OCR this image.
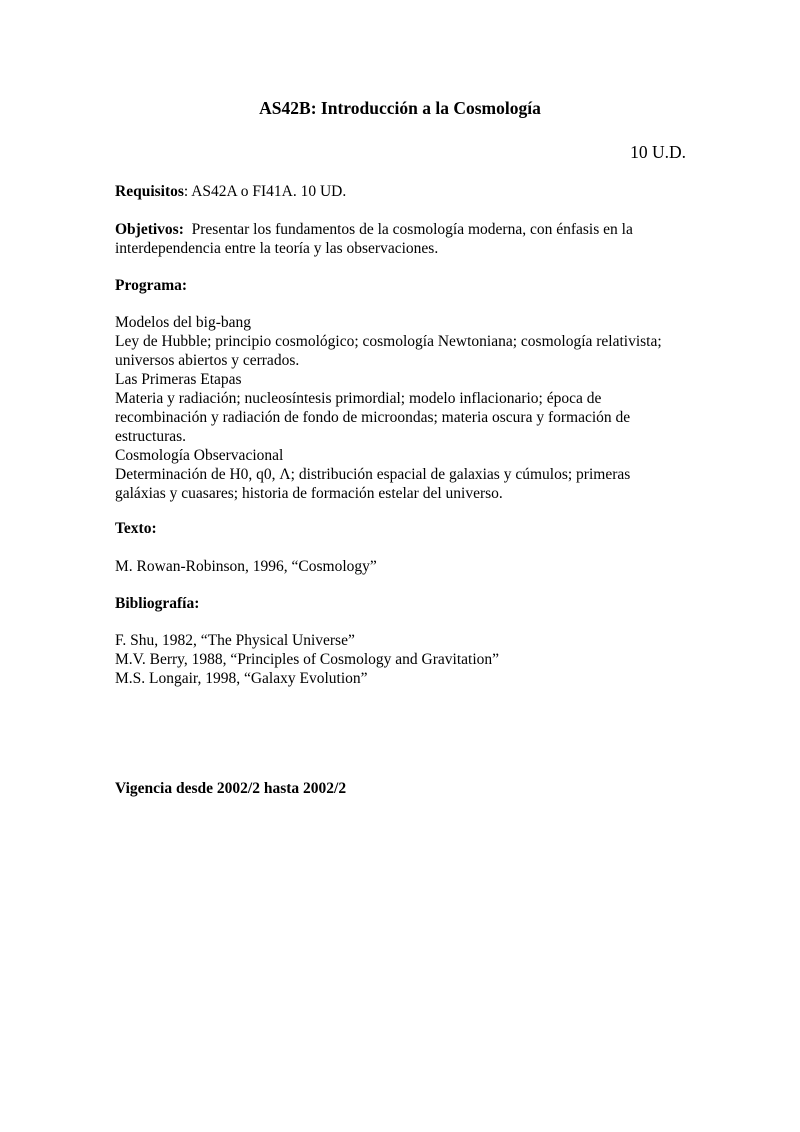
AS42B: Introducción a la Cosmología
10 U.D.
Requisitos: AS42A o FI41A. 10 UD.
Objetivos:  Presentar los fundamentos de la cosmología moderna, con énfasis en la
interdependencia entre la teoría y las observaciones.
Programa:
Modelos del big-bang
Ley de Hubble; principio cosmológico; cosmología Newtoniana; cosmología relativista;
universos abiertos y cerrados.
Las Primeras Etapas
Materia y radiación; nucleosíntesis primordial; modelo inflacionario; época de
recombinación y radiación de fondo de microondas; materia oscura y formación de
estructuras.
Cosmología Observacional
Determinación de H0, q0, Λ; distribución espacial de galaxias y cúmulos; primeras
galáxias y cuasares; historia de formación estelar del universo.
Texto:
M. Rowan-Robinson, 1996, “Cosmology”
Bibliografía:
F. Shu, 1982, “The Physical Universe”
M.V. Berry, 1988, “Principles of Cosmology and Gravitation”
M.S. Longair, 1998, “Galaxy Evolution”
Vigencia desde 2002/2 hasta 2002/2
